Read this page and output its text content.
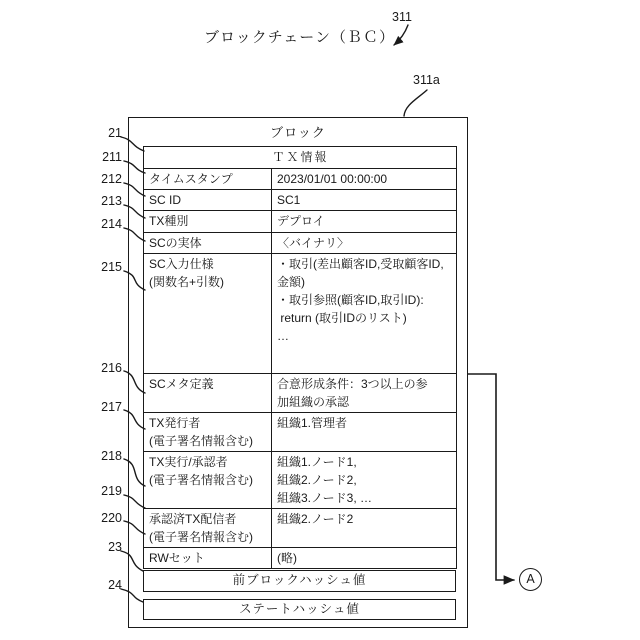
ブロックチェーン（ＢＣ）
311
311a
21
211
212
213
214
215
216
217
218
219
220
23
24
ブロック
ＴＸ情報	
タイムスタンプ	2023/01/01 00:00:00
SC ID	SC1
TX種別	デプロイ
SCの実体	〈バイナリ〉
SC入力仕様
(関数名+引数)	・取引(差出顧客ID,受取顧客ID,
金額)
・取引参照(顧客ID,取引ID):
return (取引IDのリスト)
…
SCメタ定義	合意形成条件：3つ以上の参
加組織の承認
TX発行者
(電子署名情報含む)	組織1.管理者
TX実行/承認者
(電子署名情報含む)	組織1.ノード1,
組織2.ノード2,
組織3.ノード3, …
承認済TX配信者
(電子署名情報含む)	組織2.ノード2
RWセット	(略)
前ブロックハッシュ値
ステートハッシュ値
A
